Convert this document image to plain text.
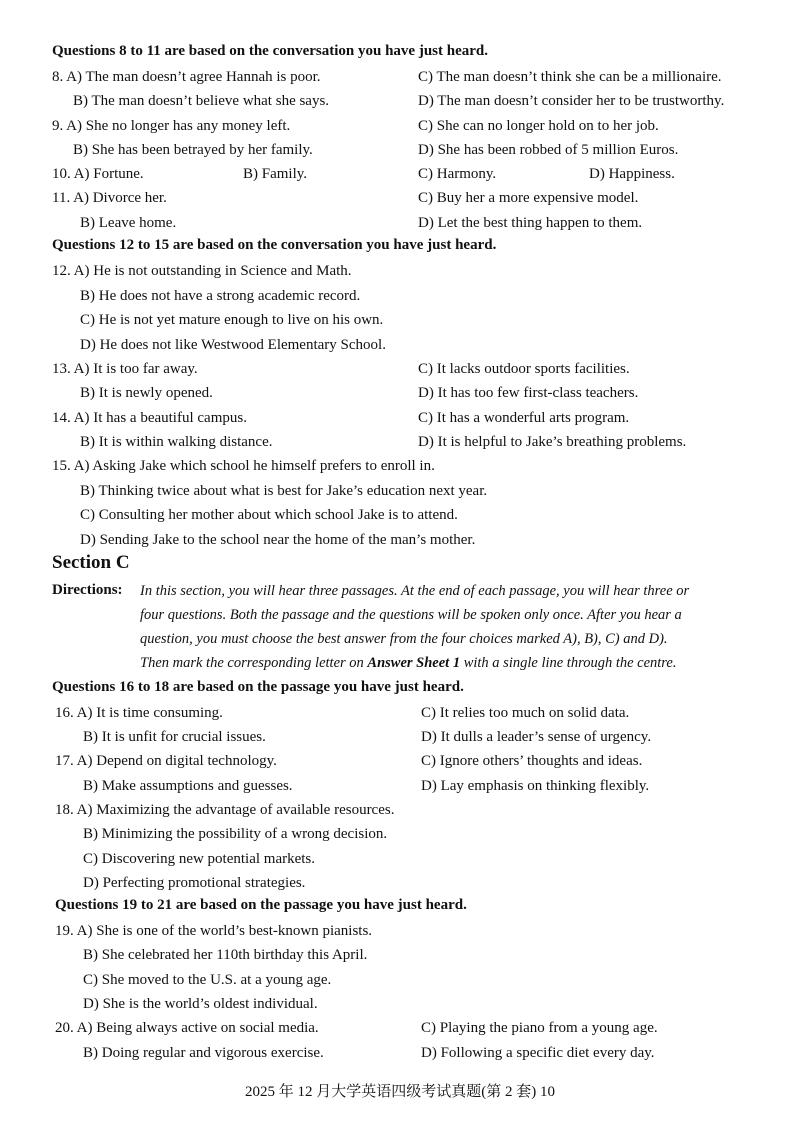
Questions 8 to 11 are based on the conversation you have just heard.
8. A) The man doesn’t agree Hannah is poor.	C) The man doesn’t think she can be a millionaire.
B) The man doesn’t believe what she says.	D) The man doesn’t consider her to be trustworthy.
9. A) She no longer has any money left.	C) She can no longer hold on to her job.
B) She has been betrayed by her family.	D) She has been robbed of 5 million Euros.
10. A) Fortune.	B) Family.	C) Harmony.	D) Happiness.
11. A) Divorce her.	C) Buy her a more expensive model.
B) Leave home.	D) Let the best thing happen to them.
Questions 12 to 15 are based on the conversation you have just heard.
12. A) He is not outstanding in Science and Math.
B) He does not have a strong academic record.
C) He is not yet mature enough to live on his own.
D) He does not like Westwood Elementary School.
13. A) It is too far away.	C) It lacks outdoor sports facilities.
B) It is newly opened.	D) It has too few first-class teachers.
14. A) It has a beautiful campus.	C) It has a wonderful arts program.
B) It is within walking distance.	D) It is helpful to Jake’s breathing problems.
15. A) Asking Jake which school he himself prefers to enroll in.
B) Thinking twice about what is best for Jake’s education next year.
C) Consulting her mother about which school Jake is to attend.
D) Sending Jake to the school near the home of the man’s mother.
Section C
Directions: In this section, you will hear three passages. At the end of each passage, you will hear three or
four questions. Both the passage and the questions will be spoken only once. After you hear a
question, you must choose the best answer from the four choices marked A), B), C) and D).
Then mark the corresponding letter on Answer Sheet 1 with a single line through the centre.
Questions 16 to 18 are based on the passage you have just heard.
16. A) It is time consuming.	C) It relies too much on solid data.
B) It is unfit for crucial issues.	D) It dulls a leader’s sense of urgency.
17. A) Depend on digital technology.	C) Ignore others’ thoughts and ideas.
B) Make assumptions and guesses.	D) Lay emphasis on thinking flexibly.
18. A) Maximizing the advantage of available resources.
B) Minimizing the possibility of a wrong decision.
C) Discovering new potential markets.
D) Perfecting promotional strategies.
Questions 19 to 21 are based on the passage you have just heard.
19. A) She is one of the world’s best-known pianists.
B) She celebrated her 110th birthday this April.
C) She moved to the U.S. at a young age.
D) She is the world’s oldest individual.
20. A) Being always active on social media.	C) Playing the piano from a young age.
B) Doing regular and vigorous exercise.	D) Following a specific diet every day.
2025 年 12 月大学英语四级考试真题(第 2 套) 10
